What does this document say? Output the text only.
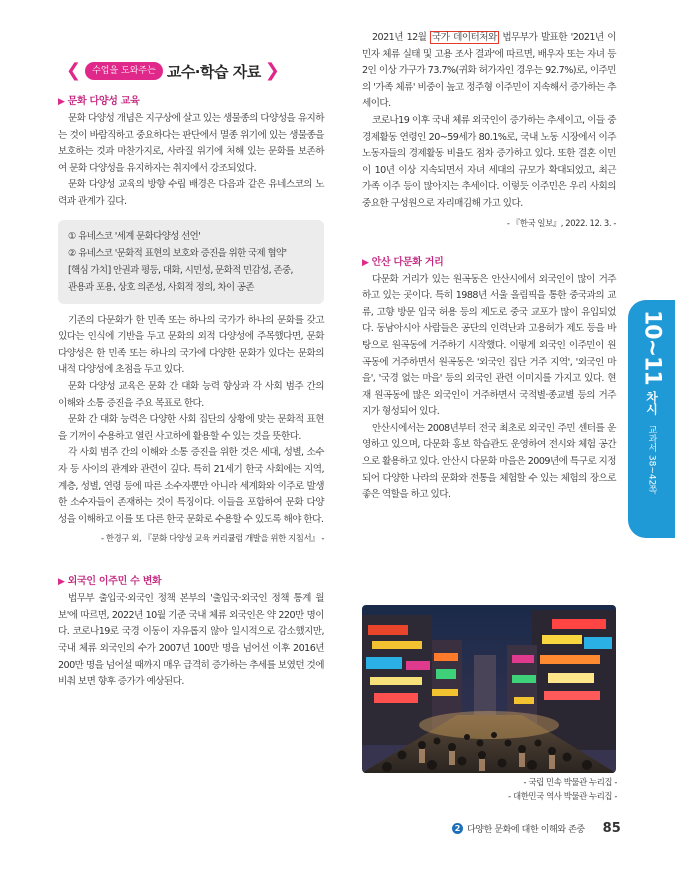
❮	수업을 도와주는 교수·학습 자료 ❯
▶ 문화 다양성 교육

문화 다양성 개념은 지구상에 살고 있는 생물종의 다양성을 유지하는 것이 바람직하고 중요하다는 판단에서 멸종 위기에 있는 생물종을 보호하는 것과 마찬가지로, 사라질 위기에 처해 있는 문화를 보존하여 문화 다양성을 유지하자는 취지에서 강조되었다.

문화 다양성 교육의 방향 수립 배경은 다음과 같은 유네스코의 노력과 관계가 깊다.

① 유네스코 '세계 문화다양성 선언'
② 유네스코 '문화적 표현의 보호와 증진을 위한 국제 협약'
[핵심 가치] 안권과 평등, 대화, 시민성, 문화적 민감성, 존중,
관용과 포용, 상호 의존성, 사회적 정의, 차이 공존

기존의 다문화가 한 민족 또는 하나의 국가가 하나의 문화를 갖고 있다는 인식에 기반을 두고 문화의 외적 다양성에 주목했다면, 문화 다양성은 한 민족 또는 하나의 국가에 다양한 문화가 있다는 문화의 내적 다양성에 초점을 두고 있다.

문화 다양성 교육은 문화 간 대화 능력 향상과 각 사회 범주 간의 이해와 소통 증진을 주요 목표로 한다.

문화 간 대화 능력은 다양한 사회 집단의 상황에 맞는 문화적 표현을 기꺼이 수용하고 열린 사고하에 활용할 수 있는 것을 뜻한다.

각 사회 범주 간의 이해와 소통 증진을 위한 것은 세대, 성별, 소수자 등 사이의 관계와 관련이 깊다. 특히 21세기 한국 사회에는 지역, 계층, 성별, 연령 등에 따른 소수자뿐만 아니라 세계화와 이주로 발생한 소수자들이 존재하는 것이 특징이다. 이들을 포함하여 문화 다양성을 이해하고 이를 또 다른 한국 문화로 수용할 수 있도록 해야 한다.

- 한경구 외, 『문화 다양성 교육 커리큘럼 개발을 위한 지침서』 -
▶ 외국인 이주민 수 변화

법무부 출입국·외국인 정책 본부의 '출입국·외국인 정책 통계 월보'에 따르면, 2022년 10월 기준 국내 체류 외국인은 약 220만 명이다. 코로나19로 국경 이동이 자유롭지 않아 일시적으로 감소했지만, 국내 체류 외국인의 수가 2007년 100만 명을 넘어선 이후 2016년 200만 명을 넘어설 때까지 매우 급격히 증가하는 추세를 보였던 것에 비춰 보면 향후 증가가 예상된다.

2021년 12월 국가 데이터처와 법무부가 발표한 '2021년 이민자 체류 실태 및 고용 조사 결과'에 따르면, 배우자 또는 자녀 등 2인 이상 가구가 73.7%(귀화 허가자인 경우는 92.7%)로, 이주민의 '가족 체류' 비중이 높고 정주형 이주민이 지속해서 증가하는 추세이다.

코로나19 이후 국내 체류 외국인이 증가하는 추세이고, 이들 중 경제활동 연령인 20~59세가 80.1%로, 국내 노동 시장에서 이주 노동자들의 경제활동 비율도 점차 증가하고 있다. 또한 결혼 이민이 10년 이상 지속되면서 자녀 세대의 규모가 확대되었고, 최근 가족 이주 등이 많아지는 추세이다. 이렇듯 이주민은 우리 사회의 중요한 구성원으로 자리매김해 가고 있다.

- 『한국 일보』, 2022. 12. 3. -
▶ 안산 다문화 거리

다문화 거리가 있는 원곡동은 안산시에서 외국인이 많이 거주하고 있는 곳이다. 특히 1988년 서울 올림픽을 통한 중국과의 교류, 고향 방문 입국 허용 등의 제도로 중국 교포가 많이 유입되었다. 동남아시아 사람들은 공단의 인력난과 고용허가 제도 등을 바탕으로 원곡동에 거주하기 시작했다. 이렇게 외국인 이주민이 원곡동에 거주하면서 원곡동은 '외국인 집단 거주 지역', '외국인 마을', '국경 없는 마을' 등의 외국인 관련 이미지를 가지고 있다. 현재 원곡동에 많은 외국인이 거주하면서 국적별·종교별 등의 거주지가 형성되어 있다.

안산시에서는 2008년부터 전국 최초로 외국인 주민 센터를 운영하고 있으며, 다문화 홍보 학습관도 운영하여 전시와 체험 공간으로 활용하고 있다. 안산시 다문화 마을은 2009년에 특구로 지정되어 다양한 나라의 문화와 전통을 체험할 수 있는 체험의 장으로 좋은 역할을 하고 있다.

- 국립 민속 박물관 누리집 -
- 대한민국 역사 박물관 누리집 -
10~11
차시
교과서 38~42쪽
2 다양한 문화에 대한 이해와 존중 85
